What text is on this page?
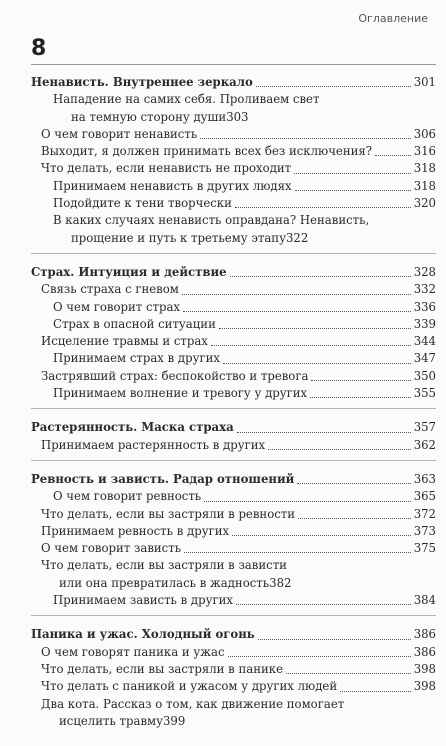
Оглавление
8
Ненависть. Внутреннее зеркало	301
Нападение на самих себя. Проливаем свет
на темную сторону души 303
О чем говорит ненависть	306
Выходит, я должен принимать всех без исключения?	316
Что делать, если ненависть не проходит	318
Принимаем ненависть в других людях	318
Подойдите к тени творчески	320
В каких случаях ненависть оправдана? Ненависть,
прощение и путь к третьему этапу 322
Страх. Интуиция и действие	328
Связь страха с гневом	332
О чем говорит страх	336
Страх в опасной ситуации	339
Исцеление травмы и страх	344
Принимаем страх в других	347
Застрявший страх: беспокойство и тревога	350
Принимаем волнение и тревогу у других	355
Растерянность. Маска страха	357
Принимаем растерянность в других	362
Ревность и зависть. Радар отношений	363
О чем говорит ревность	365
Что делать, если вы застряли в ревности	372
Принимаем ревность в других	373
О чем говорит зависть	375
Что делать, если вы застряли в зависти
или она превратилась в жадность 382
Принимаем зависть в других	384
Паника и ужас. Холодный огонь	386
О чем говорят паника и ужас	386
Что делать, если вы застряли в панике	398
Что делать с паникой и ужасом у других людей	398
Два кота. Рассказ о том, как движение помогает
исцелить травму 399
